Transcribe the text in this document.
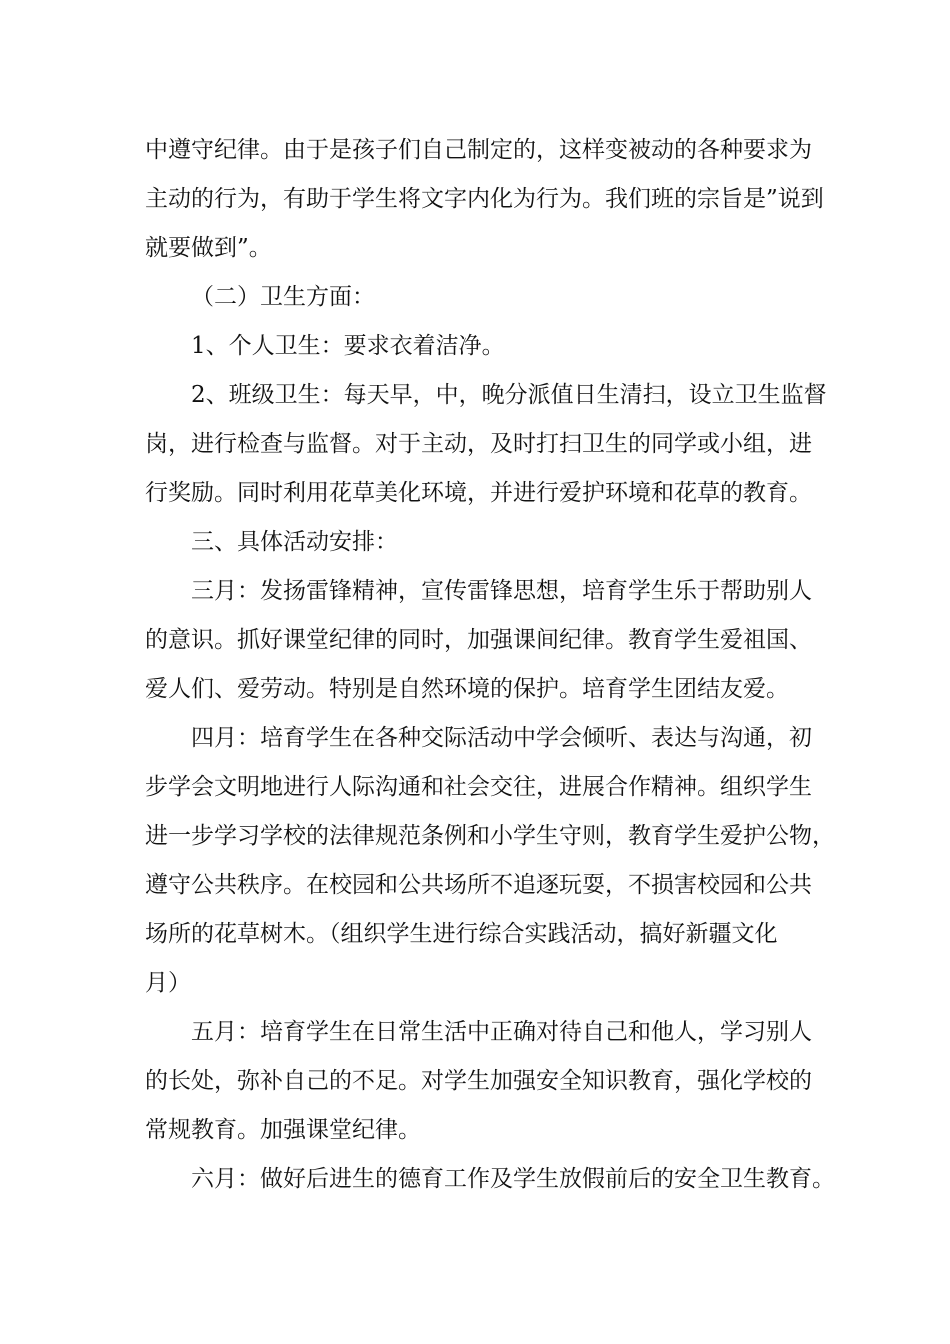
中遵守纪律。由于是孩子们自己制定的，这样变被动的各种要求为

主动的行为，有助于学生将文字内化为行为。我们班的宗旨是”说到

就要做到”。

（二）卫生方面：

1、个人卫生：要求衣着洁净。

2、班级卫生：每天早，中，晚分派值日生清扫，设立卫生监督

岗，进行检查与监督。对于主动，及时打扫卫生的同学或小组，进

行奖励。同时利用花草美化环境，并进行爱护环境和花草的教育。

三、具体活动安排：

三月：发扬雷锋精神，宣传雷锋思想，培育学生乐于帮助别人

的意识。抓好课堂纪律的同时，加强课间纪律。教育学生爱祖国、

爱人们、爱劳动。特别是自然环境的保护。培育学生团结友爱。

四月：培育学生在各种交际活动中学会倾听、表达与沟通，初

步学会文明地进行人际沟通和社会交往，进展合作精神。组织学生

进一步学习学校的法律规范条例和小学生守则，教育学生爱护公物，

遵守公共秩序。在校园和公共场所不追逐玩耍，不损害校园和公共

场所的花草树木。（组织学生进行综合实践活动，搞好新疆文化

月）

五月：培育学生在日常生活中正确对待自己和他人，学习别人

的长处，弥补自己的不足。对学生加强安全知识教育，强化学校的

常规教育。加强课堂纪律。

六月：做好后进生的德育工作及学生放假前后的安全卫生教育。
